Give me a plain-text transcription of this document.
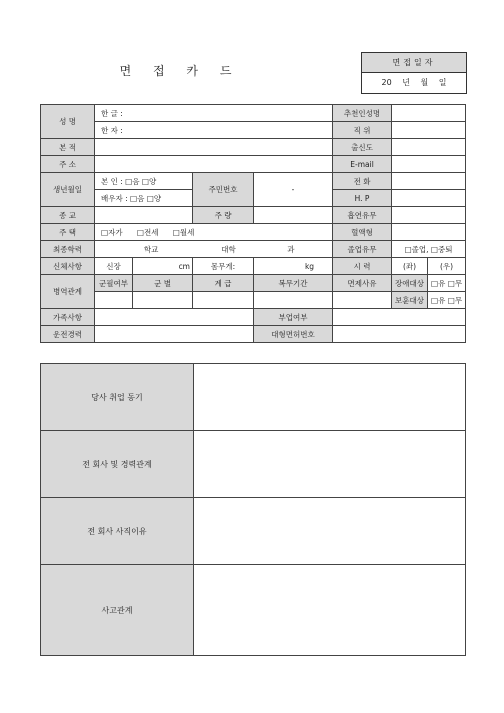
면 접 카 드
면접일자
20 년 월 일
성 명	한 글 :				추천인성명		
	한 자 :				직 위		
본 적					출신도		
주 소					E-mail		
생년월일	본 인 : □음 □양		주민번호	-	전 화		
	배우자 : □음 □양				H. P		
종 교			주 량		흡연유무		
주 택	□자가 □전세 □월세				혈액형		
최종학력	학교 대학 과				졸업유무	□졸업, □중퇴	
신체사항	신장	cm	몸무게:	kg	시 력	(좌)	(우)
병역관계	군필여부	군 별	계 급	복무기간	면제사유	장애대상	□유 □무
						보훈대상	□유 □무
가족사항				부업여부			
운전경력				대형면허번호			
당사 취업 동기	
전 회사 및 경력관계	
전 회사 사직이유	
사고관계	
